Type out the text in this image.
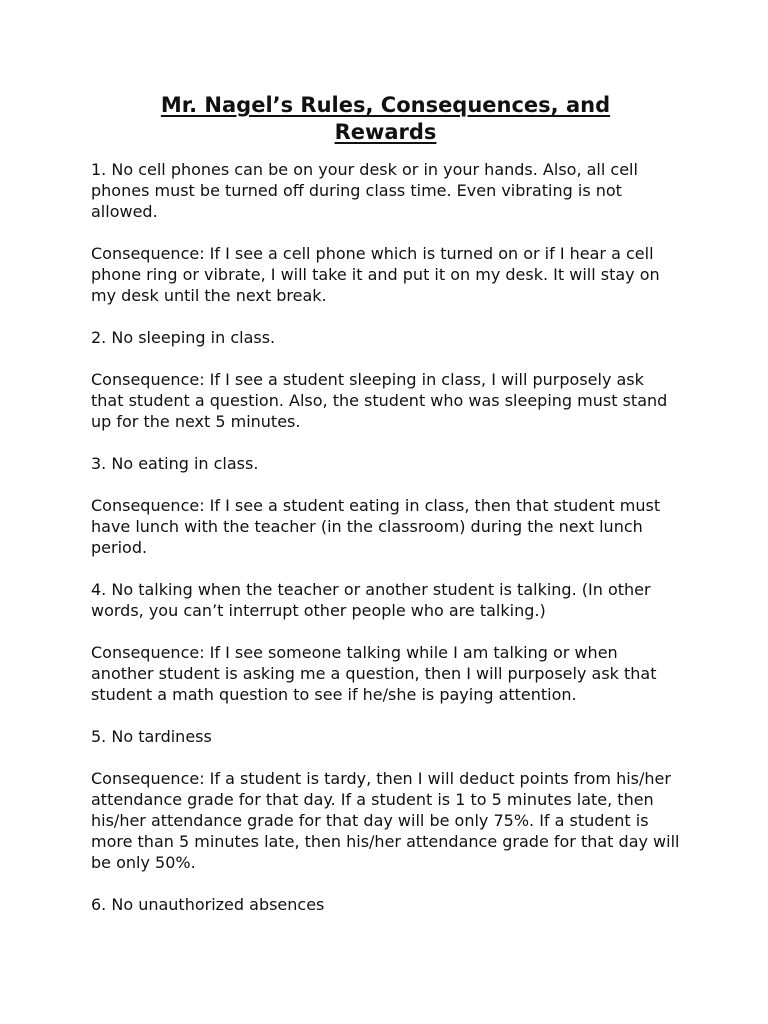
Mr. Nagel’s Rules, Consequences, and Rewards

1. No cell phones can be on your desk or in your hands. Also, all cell phones must be turned off during class time. Even vibrating is not allowed.

Consequence: If I see a cell phone which is turned on or if I hear a cell phone ring or vibrate, I will take it and put it on my desk. It will stay on my desk until the next break.

2. No sleeping in class.

Consequence: If I see a student sleeping in class, I will purposely ask that student a question. Also, the student who was sleeping must stand up for the next 5 minutes.

3. No eating in class.

Consequence: If I see a student eating in class, then that student must have lunch with the teacher (in the classroom) during the next lunch period.

4. No talking when the teacher or another student is talking. (In other words, you can’t interrupt other people who are talking.)

Consequence: If I see someone talking while I am talking or when another student is asking me a question, then I will purposely ask that student a math question to see if he/she is paying attention.

5. No tardiness

Consequence: If a student is tardy, then I will deduct points from his/her attendance grade for that day. If a student is 1 to 5 minutes late, then his/her attendance grade for that day will be only 75%. If a student is more than 5 minutes late, then his/her attendance grade for that day will be only 50%.

6. No unauthorized absences
